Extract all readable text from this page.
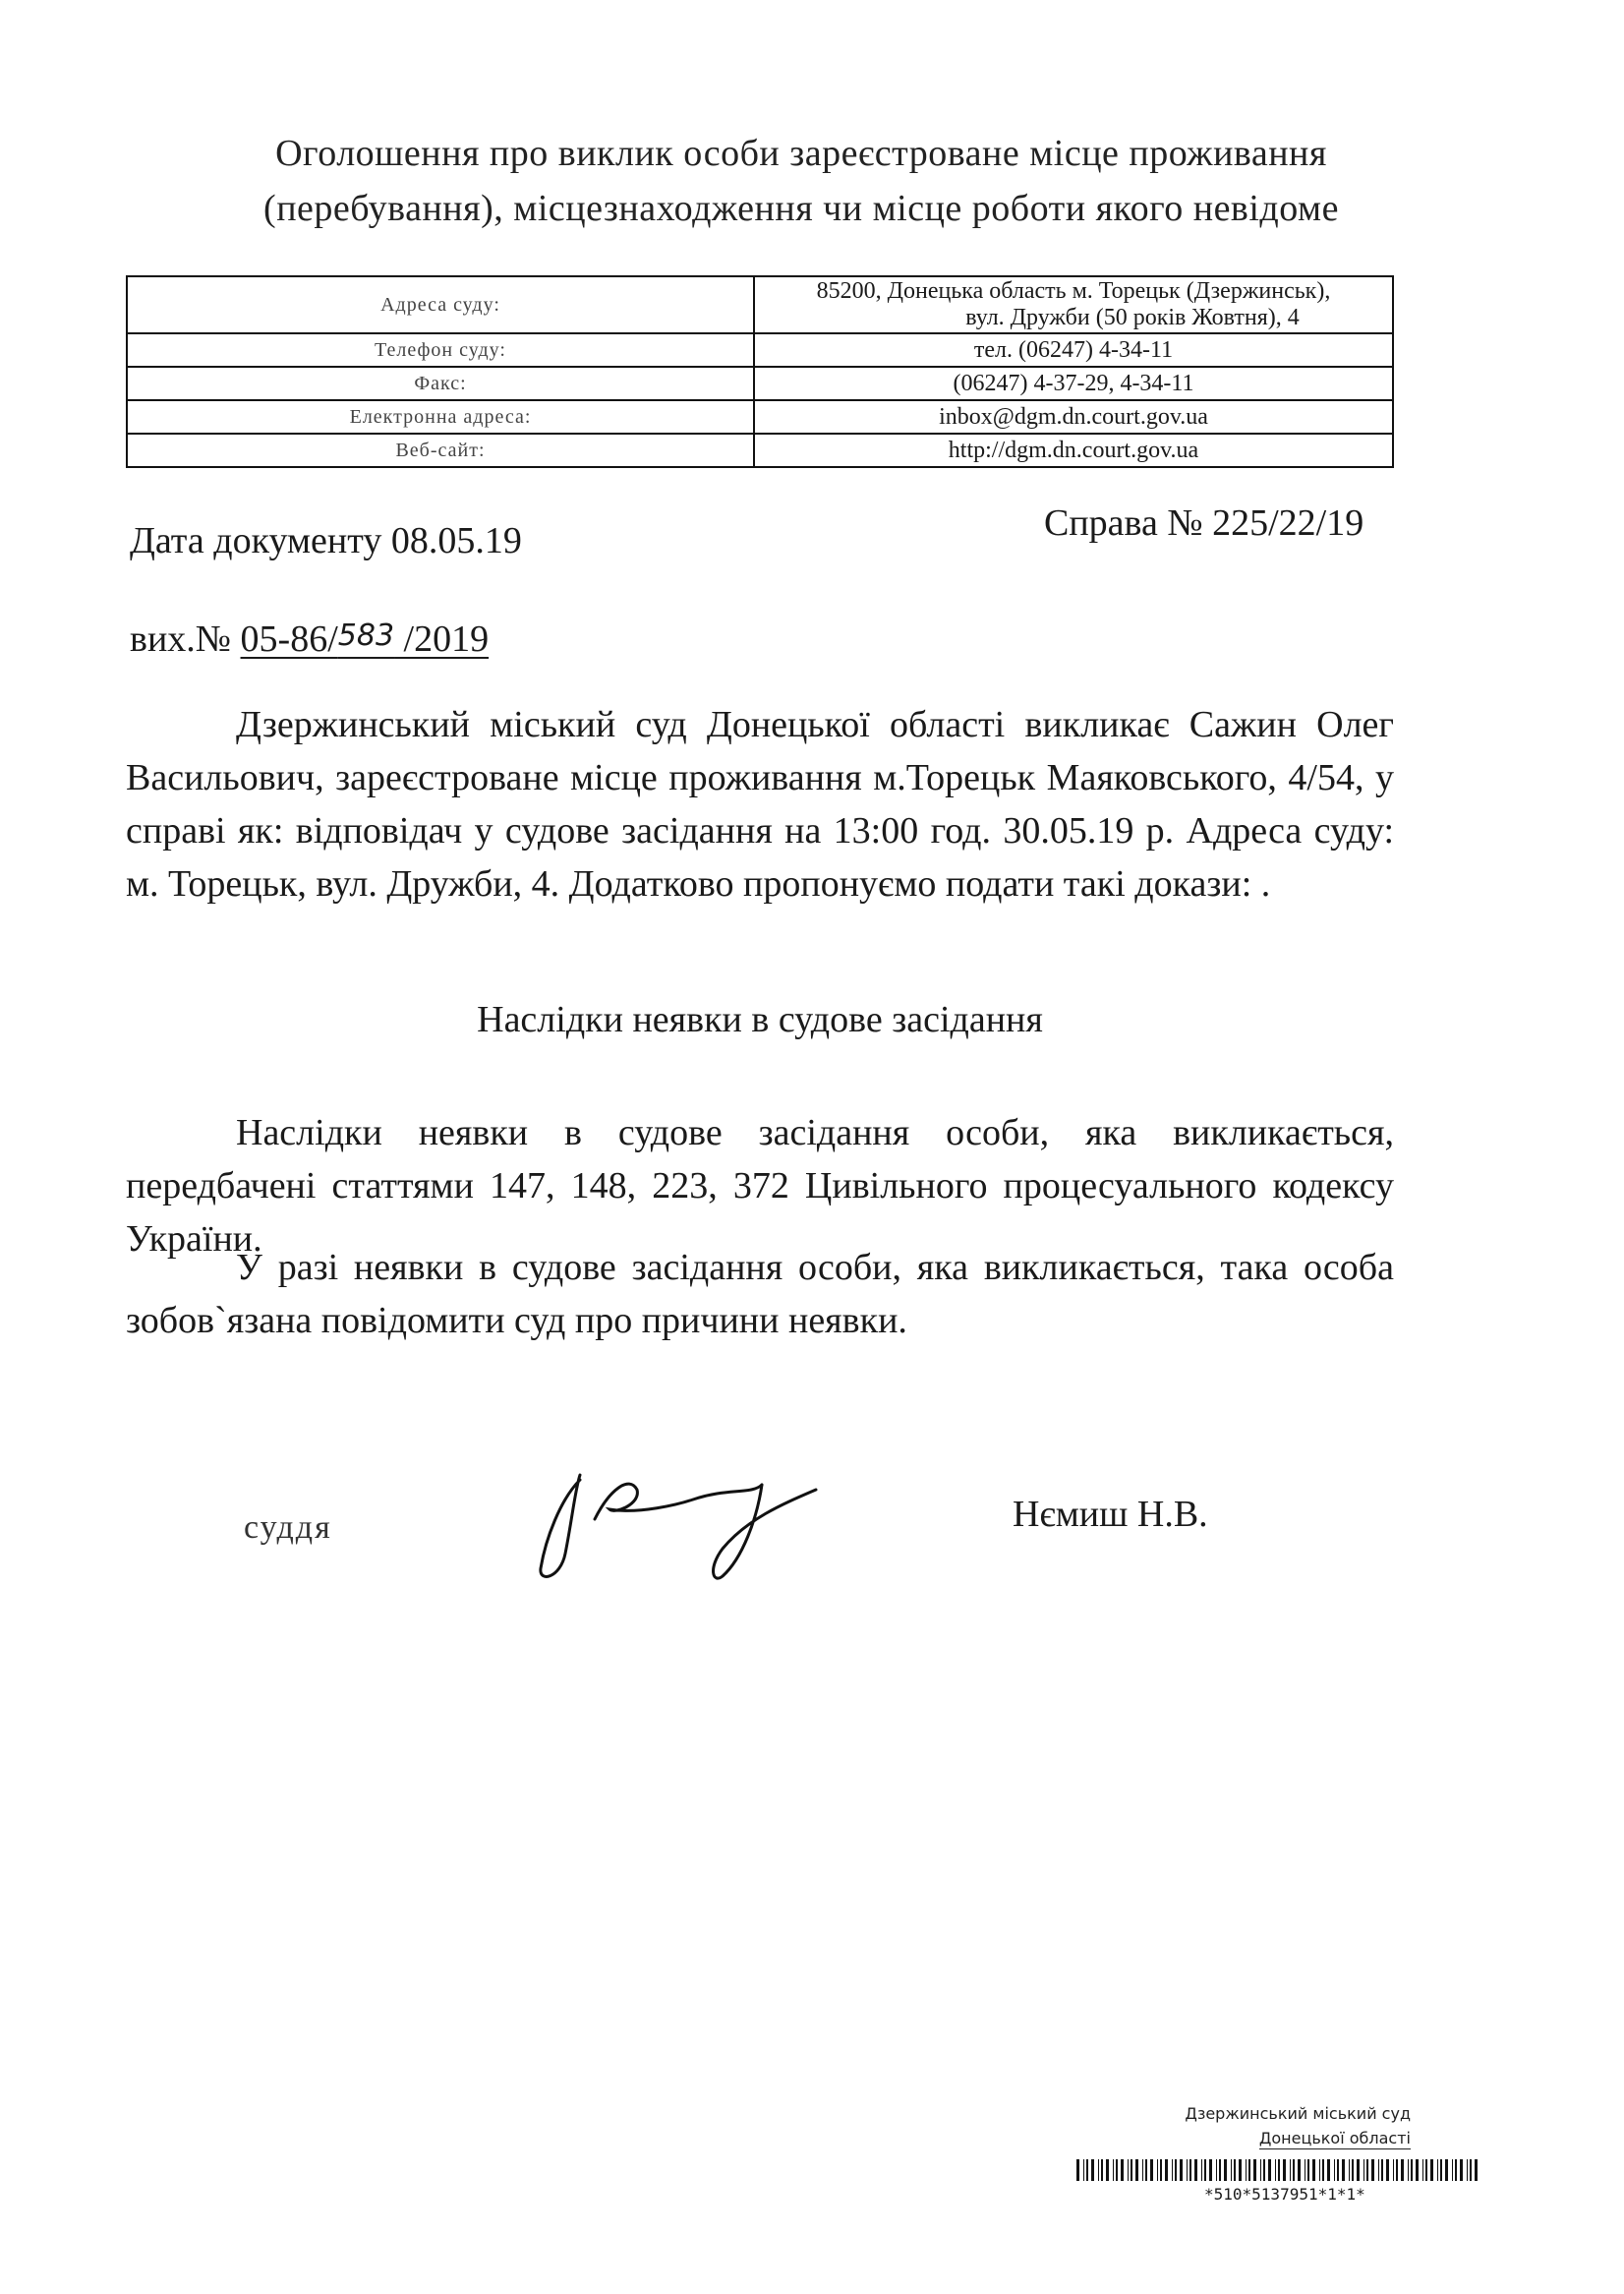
Оголошення про виклик особи зареєстроване місце проживання
(перебування), місцезнаходження чи місце роботи якого невідоме
Адреса суду:	85200, Донецька область м. Торецьк (Дзержинськ),
вул. Дружби (50 років Жовтня), 4

Телефон суду:	тел. (06247) 4-34-11
Факс:	(06247) 4-37-29, 4-34-11
Електронна адреса:	inbox@dgm.dn.court.gov.ua
Веб-сайт:	http://dgm.dn.court.gov.ua
Дата документу 08.05.19	Справа № 225/22/19
вих.№ 05-86/583 /2019

Дзержинський міський суд Донецької області викликає Сажин Олег Васильович, зареєстроване місце проживання м.Торецьк Маяковського, 4/54, у справі як: відповідач у судове засідання на 13:00 год. 30.05.19 р. Адреса суду: м. Торецьк, вул. Дружби, 4. Додатково пропонуємо подати такі докази: .

Наслідки неявки в судове засідання

Наслідки неявки в судове засідання особи, яка викликається, передбачені статтями 147, 148, 223, 372 Цивільного процесуального кодексу України.

У разі неявки в судове засідання особи, яка викликається, така особа зобов`язана повідомити суд про причини неявки.

суддя	Нємиш Н.В.
Дзержинський міський суд
Донецької області
*510*5137951*1*1*
